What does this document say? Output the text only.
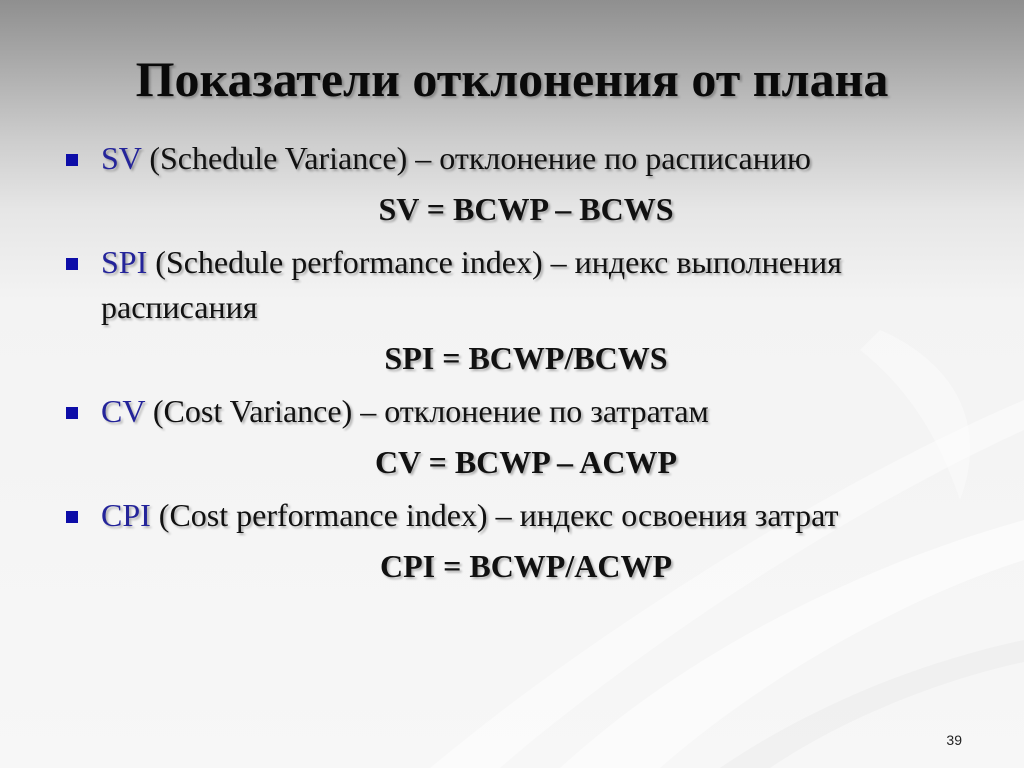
Показатели отклонения от плана
SV (Schedule Variance) – отклонение по расписанию
SV = BCWP – BCWS
SPI (Schedule performance index) – индекс выполнения расписания
SPI = BCWP/BCWS
CV (Cost Variance) – отклонение по затратам
CV = BCWP – ACWP
CPI (Cost performance index) – индекс освоения затрат
CPI = BCWP/ACWP
39
